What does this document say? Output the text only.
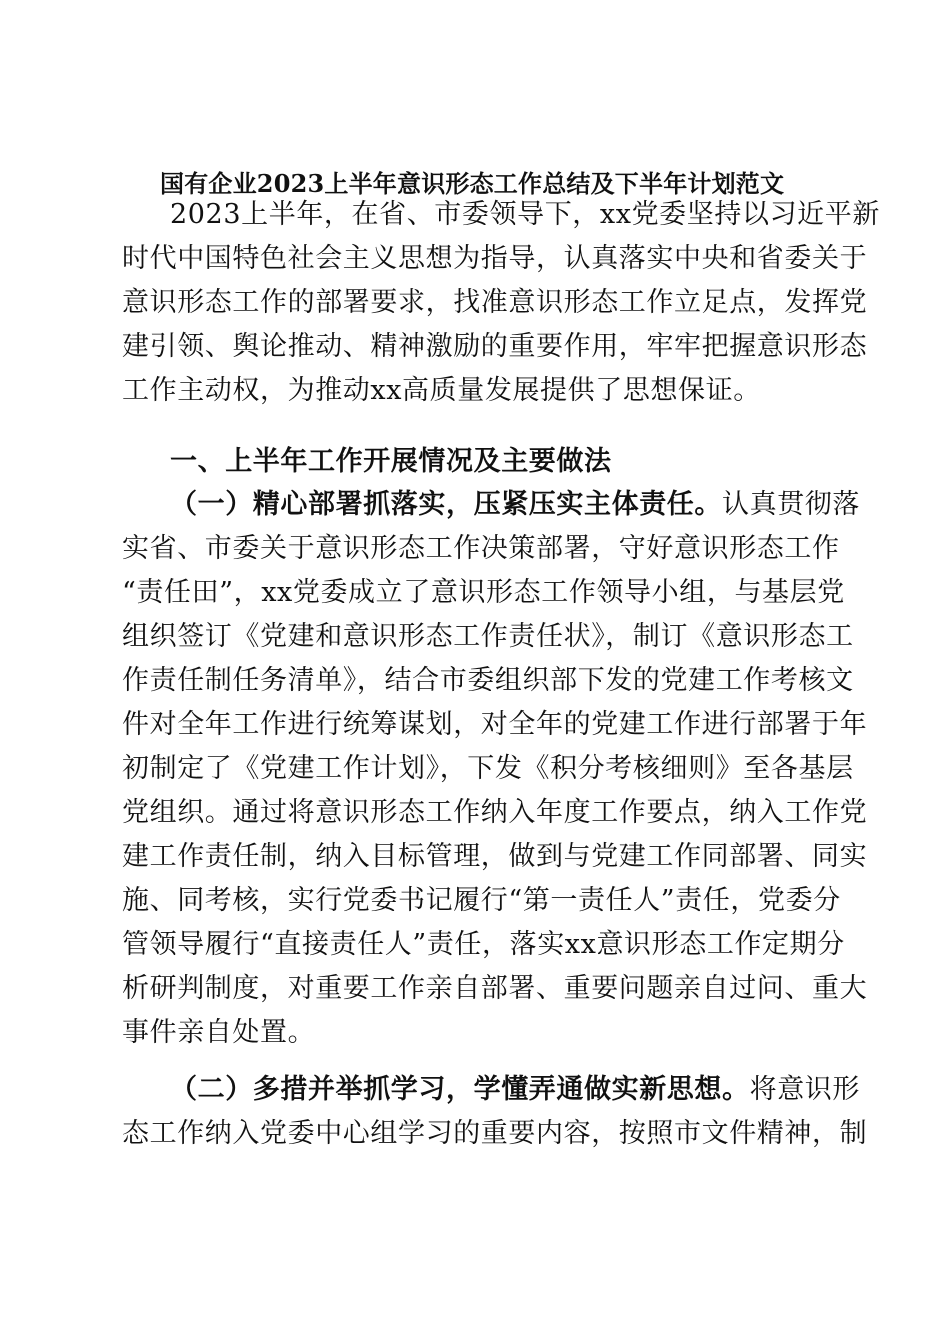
国有企业2023上半年意识形态工作总结及下半年计划范文
2023上半年，在省、市委领导下，xx党委坚持以习近平新
时代中国特色社会主义思想为指导，认真落实中央和省委关于
意识形态工作的部署要求，找准意识形态工作立足点，发挥党
建引领、舆论推动、精神激励的重要作用，牢牢把握意识形态
工作主动权，为推动xx高质量发展提供了思想保证。
一、上半年工作开展情况及主要做法
（一）精心部署抓落实，压紧压实主体责任。认真贯彻落
实省、市委关于意识形态工作决策部署，守好意识形态工作
“责任田”，xx党委成立了意识形态工作领导小组，与基层党
组织签订《党建和意识形态工作责任状》，制订《意识形态工
作责任制任务清单》，结合市委组织部下发的党建工作考核文
件对全年工作进行统筹谋划，对全年的党建工作进行部署于年
初制定了《党建工作计划》，下发《积分考核细则》至各基层
党组织。通过将意识形态工作纳入年度工作要点，纳入工作党
建工作责任制，纳入目标管理，做到与党建工作同部署、同实
施、同考核，实行党委书记履行“第一责任人”责任，党委分
管领导履行“直接责任人”责任，落实xx意识形态工作定期分
析研判制度，对重要工作亲自部署、重要问题亲自过问、重大
事件亲自处置。
（二）多措并举抓学习，学懂弄通做实新思想。将意识形
态工作纳入党委中心组学习的重要内容，按照市文件精神，制
